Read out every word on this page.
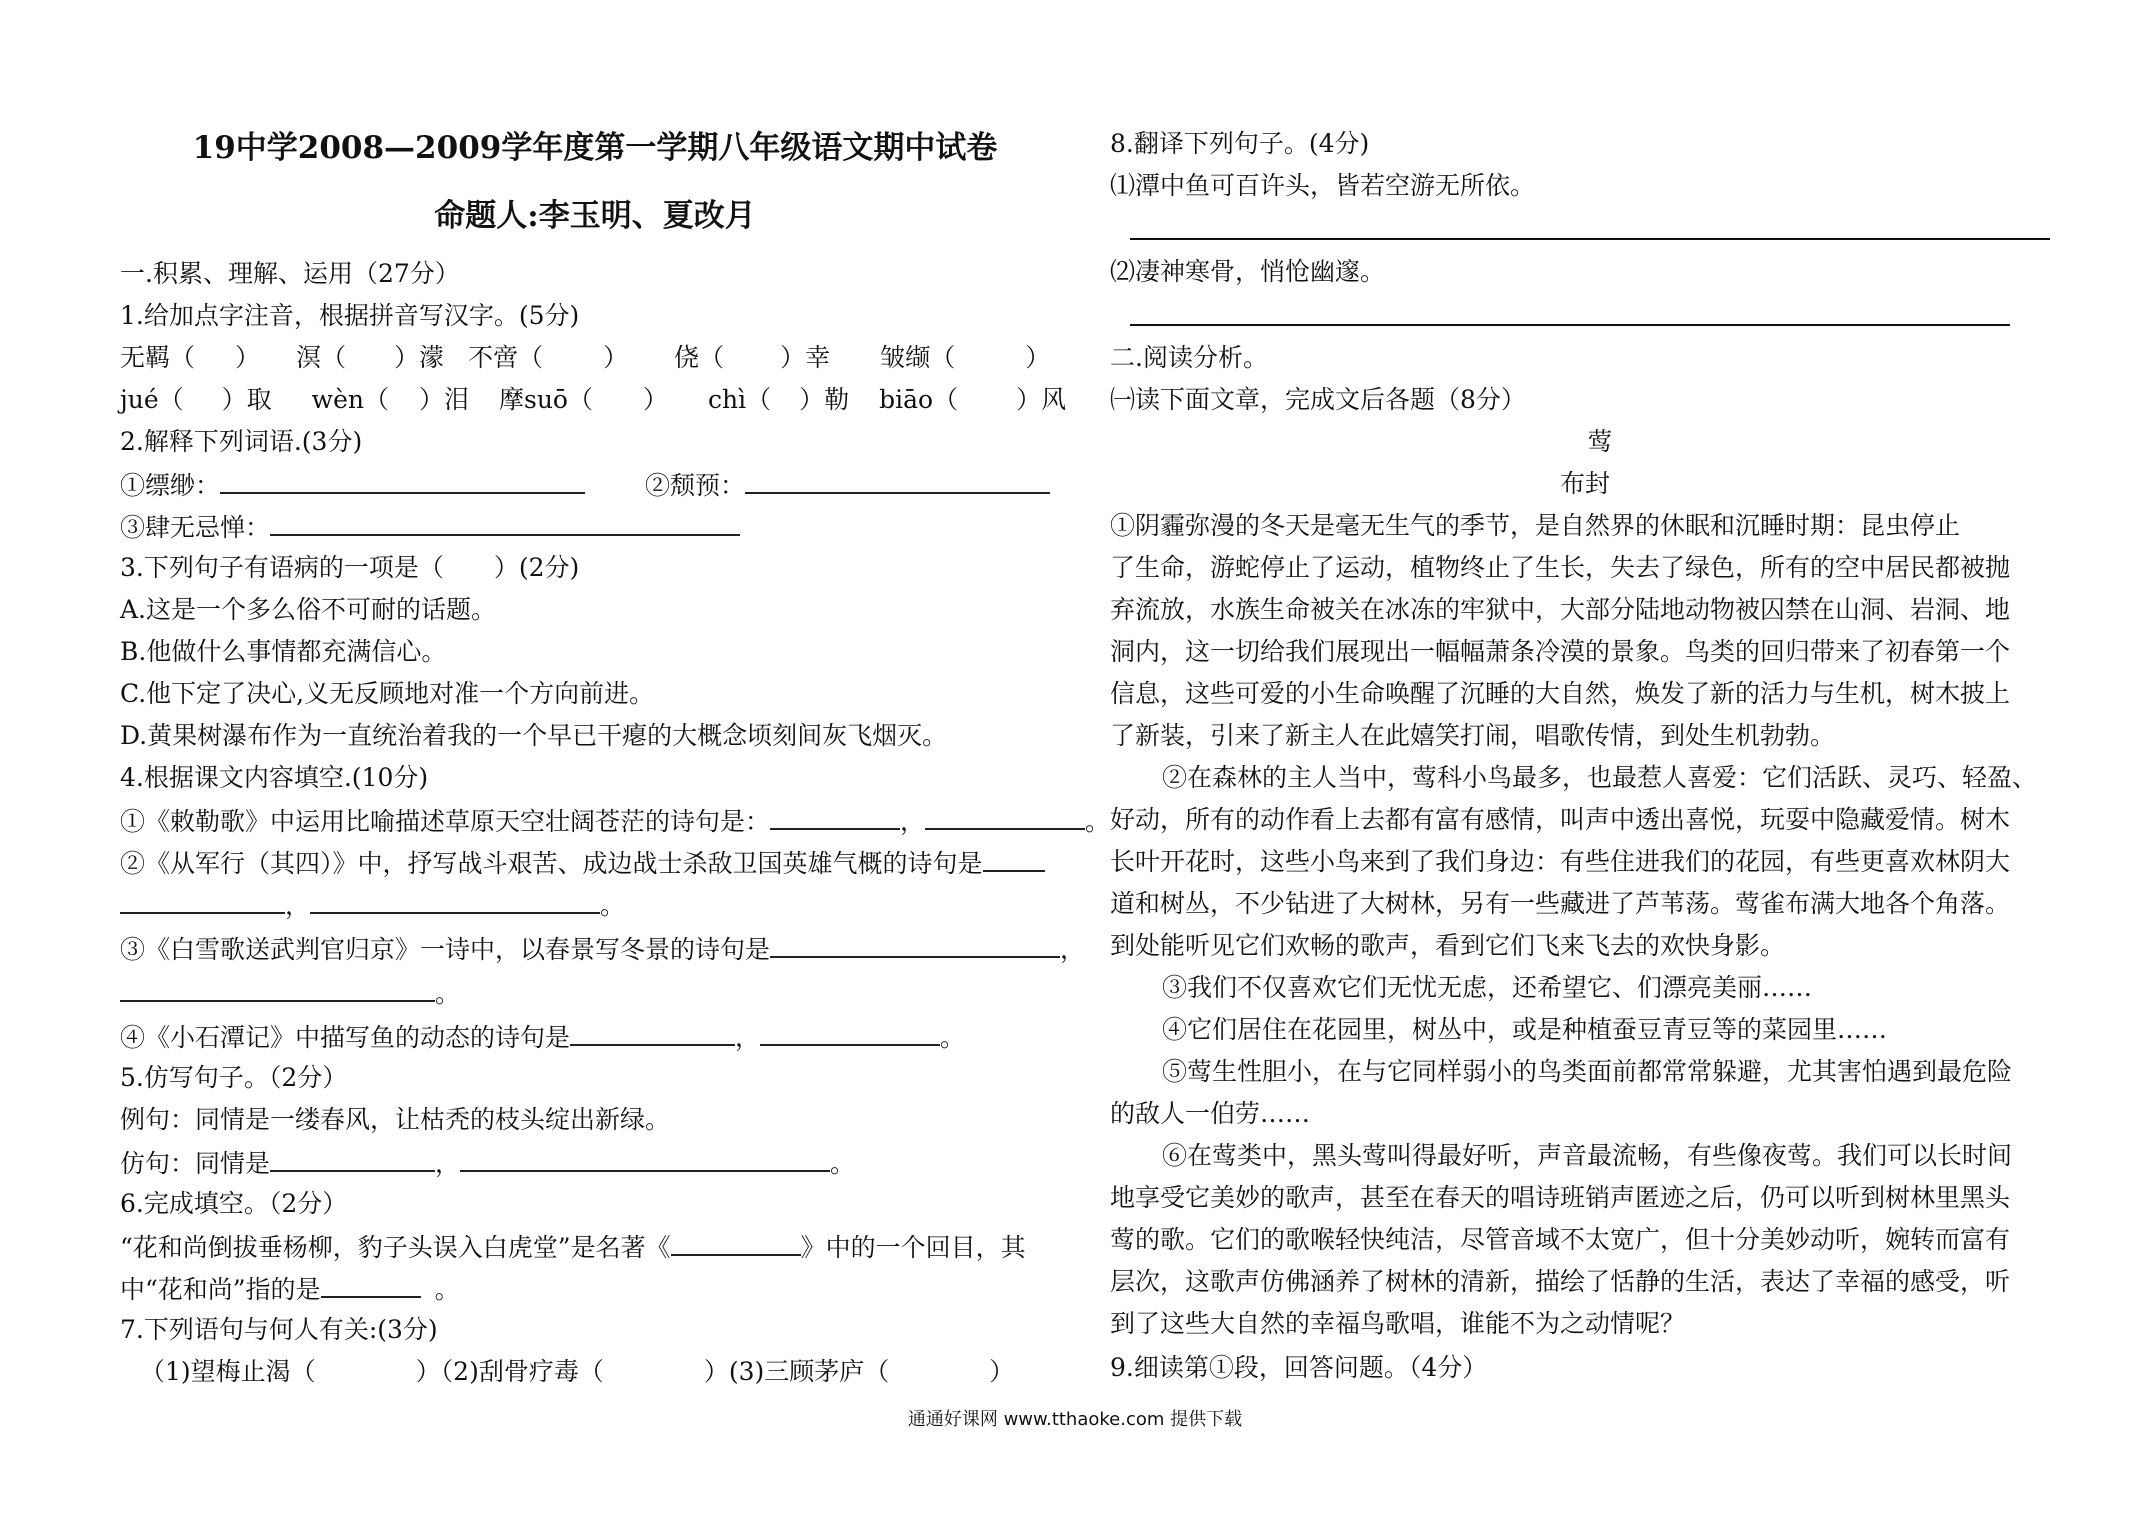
19中学2008—2009学年度第一学期八年级语文期中试卷
命题人:李玉明、夏改月
一.积累、理解、运用（27分）
1.给加点字注音，根据拼音写汉字。(5分)
无羁（ ） 溟（ ）濛 不啻（ ） 侥（ ）幸 皱缬（	）
jué（ ）取 wèn（ ）泪 摩suō（ ） chì（ ）勒 biāo（ ）风
2.解释下列词语.(3分)
①缥缈：	②颓预：
③肆无忌惮：
3.下列句子有语病的一项是（　　）(2分)
A.这是一个多么俗不可耐的话题。
B.他做什么事情都充满信心。
C.他下定了决心,义无反顾地对准一个方向前进。
D.黄果树瀑布作为一直统治着我的一个早已干瘪的大概念顷刻间灰飞烟灭。
4.根据课文内容填空.(10分)
①《敕勒歌》中运用比喻描述草原天空壮阔苍茫的诗句是：	，	。
②《从军行（其四）》中，抒写战斗艰苦、成边战士杀敌卫国英雄气概的诗句是
，	。
③《白雪歌送武判官归京》一诗中，以春景写冬景的诗句是	，
。
④《小石潭记》中描写鱼的动态的诗句是	，	。
5.仿写句子。（2分）
例句：同情是一缕春风，让枯秃的枝头绽出新绿。
仿句：同情是	，	。
6.完成填空。（2分）
“花和尚倒拔垂杨柳，豹子头误入白虎堂”是名著《	》中的一个回目，其
中“花和尚”指的是	。
7.下列语句与何人有关:(3分)
（1)望梅止渴（	）（2)刮骨疗毒（	）(3)三顾茅庐（	）
8.翻译下列句子。(4分)
⑴潭中鱼可百许头，皆若空游无所依。
⑵凄神寒骨，悄怆幽邃。
二.阅读分析。
㈠读下面文章，完成文后各题（8分）
莺
布封
①阴霾弥漫的冬天是毫无生气的季节，是自然界的休眠和沉睡时期：昆虫停止
了生命，游蛇停止了运动，植物终止了生长，失去了绿色，所有的空中居民都被抛
弃流放，水族生命被关在冰冻的牢狱中，大部分陆地动物被囚禁在山洞、岩洞、地
洞内，这一切给我们展现出一幅幅萧条冷漠的景象。鸟类的回归带来了初春第一个
信息，这些可爱的小生命唤醒了沉睡的大自然，焕发了新的活力与生机，树木披上
了新装，引来了新主人在此嬉笑打闹，唱歌传情，到处生机勃勃。
②在森林的主人当中，莺科小鸟最多，也最惹人喜爱：它们活跃、灵巧、轻盈、
好动，所有的动作看上去都有富有感情，叫声中透出喜悦，玩耍中隐藏爱情。树木
长叶开花时，这些小鸟来到了我们身边：有些住进我们的花园，有些更喜欢林阴大
道和树丛，不少钻进了大树林，另有一些藏进了芦苇荡。莺雀布满大地各个角落。
到处能听见它们欢畅的歌声，看到它们飞来飞去的欢快身影。
③我们不仅喜欢它们无忧无虑，还希望它、们漂亮美丽……
④它们居住在花园里，树丛中，或是种植蚕豆青豆等的菜园里……
⑤莺生性胆小，在与它同样弱小的鸟类面前都常常躲避，尤其害怕遇到最危险
的敌人一伯劳……
⑥在莺类中，黑头莺叫得最好听，声音最流畅，有些像夜莺。我们可以长时间
地享受它美妙的歌声，甚至在春天的唱诗班销声匿迹之后，仍可以听到树林里黑头
莺的歌。它们的歌喉轻快纯洁，尽管音域不太宽广，但十分美妙动听，婉转而富有
层次，这歌声仿佛涵养了树林的清新，描绘了恬静的生活，表达了幸福的感受，听
到了这些大自然的幸福鸟歌唱，谁能不为之动情呢？
9.细读第①段，回答问题。（4分）
通通好课网 www.tthaoke.com 提供下载
